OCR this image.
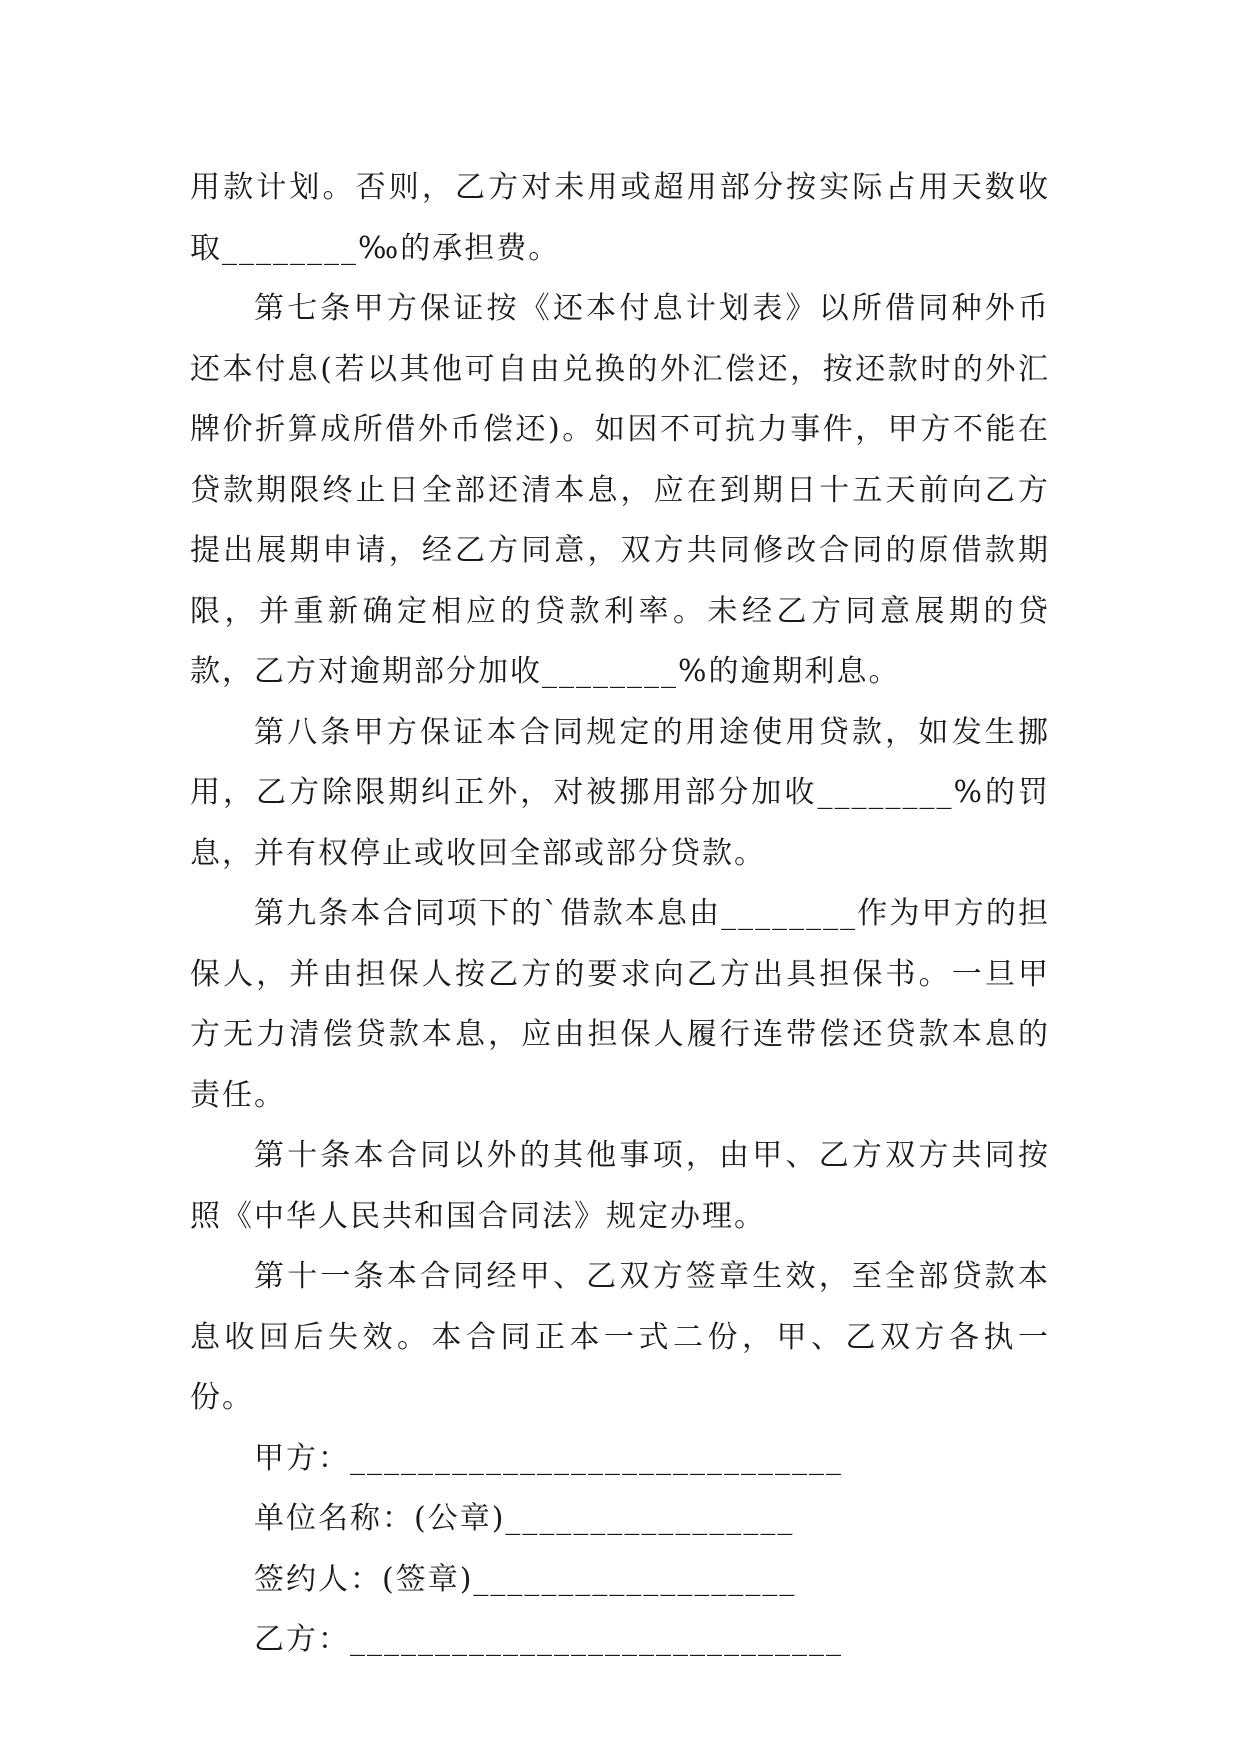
用款计划。否则，乙方对未用或超用部分按实际占用天数收取________‰的承担费。

第七条甲方保证按《还本付息计划表》以所借同种外币还本付息(若以其他可自由兑换的外汇偿还，按还款时的外汇牌价折算成所借外币偿还)。如因不可抗力事件，甲方不能在贷款期限终止日全部还清本息，应在到期日十五天前向乙方提出展期申请，经乙方同意，双方共同修改合同的原借款期限，并重新确定相应的贷款利率。未经乙方同意展期的贷款，乙方对逾期部分加收________%的逾期利息。

第八条甲方保证本合同规定的用途使用贷款，如发生挪用，乙方除限期纠正外，对被挪用部分加收________%的罚息，并有权停止或收回全部或部分贷款。

第九条本合同项下的`借款本息由________作为甲方的担保人，并由担保人按乙方的要求向乙方出具担保书。一旦甲方无力清偿贷款本息，应由担保人履行连带偿还贷款本息的责任。

第十条本合同以外的其他事项，由甲、乙方双方共同按照《中华人民共和国合同法》规定办理。

第十一条本合同经甲、乙双方签章生效，至全部贷款本息收回后失效。本合同正本一式二份，甲、乙双方各执一份。

甲方：_____________________________

单位名称：(公章)_________________

签约人：(签章)___________________

乙方：_____________________________
